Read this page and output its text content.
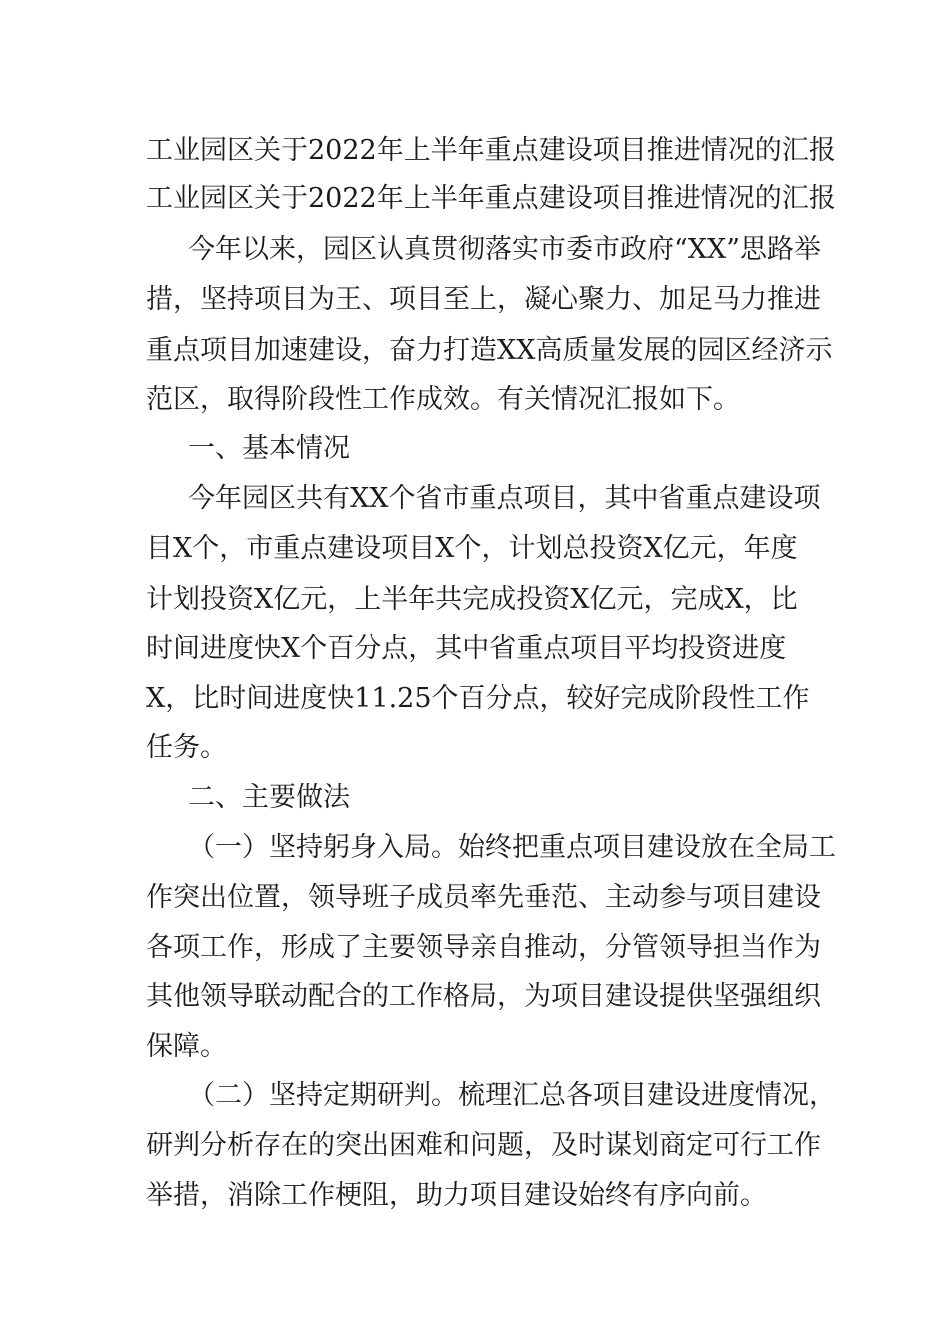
工业园区关于2022年上半年重点建设项目推进情况的汇报
工业园区关于2022年上半年重点建设项目推进情况的汇报
今年以来，园区认真贯彻落实市委市政府“XX”思路举
措，坚持项目为王、项目至上，凝心聚力、加足马力推进
重点项目加速建设，奋力打造XX高质量发展的园区经济示
范区，取得阶段性工作成效。有关情况汇报如下。
一、基本情况
今年园区共有XX个省市重点项目，其中省重点建设项
目X个，市重点建设项目X个，计划总投资X亿元，年度
计划投资X亿元，上半年共完成投资X亿元，完成X，比
时间进度快X个百分点，其中省重点项目平均投资进度
X，比时间进度快11.25个百分点，较好完成阶段性工作
任务。
二、主要做法
（一）坚持躬身入局。始终把重点项目建设放在全局工
作突出位置，领导班子成员率先垂范、主动参与项目建设
各项工作，形成了主要领导亲自推动，分管领导担当作为
其他领导联动配合的工作格局，为项目建设提供坚强组织
保障。
（二）坚持定期研判。梳理汇总各项目建设进度情况，
研判分析存在的突出困难和问题，及时谋划商定可行工作
举措，消除工作梗阻，助力项目建设始终有序向前。
